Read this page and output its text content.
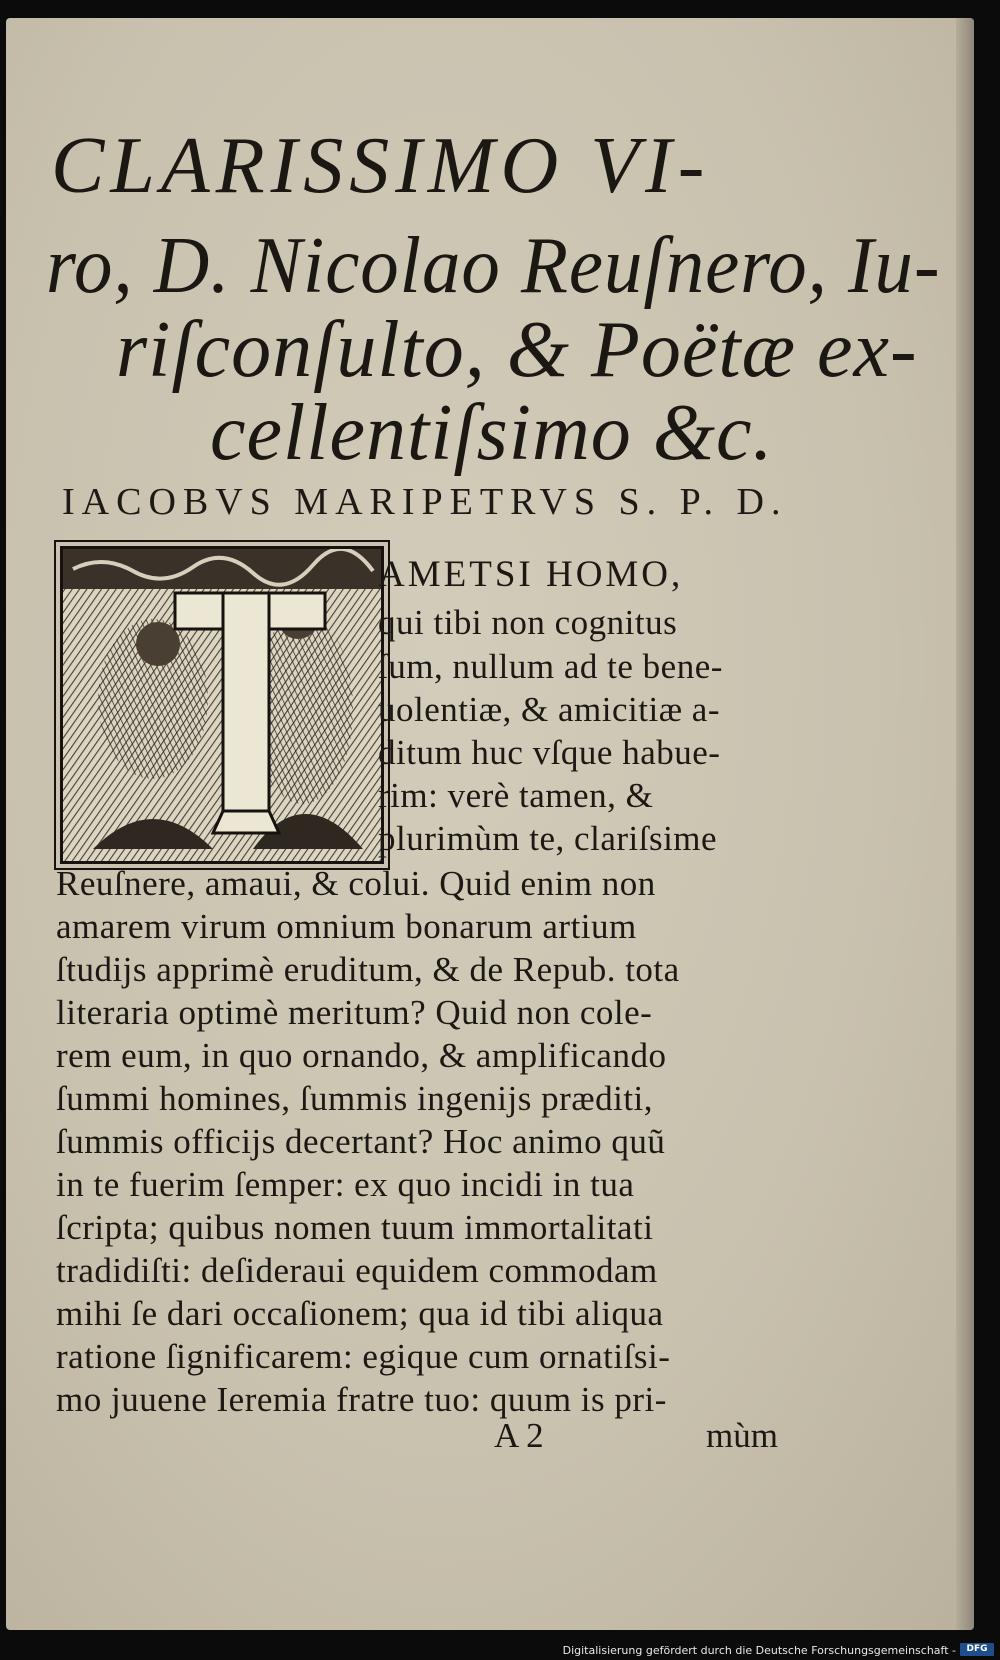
CLARISSIMO VI-
ro, D. Nicolao Reuſnero, Iu-
riſconſulto, & Poëtæ ex-
cellentiſsimo &c.
IACOBVS MARIPETRVS S. P. D.
AMETSI HOMO,
qui tibi non cognitus
ſum, nullum ad te bene-
uolentiæ, & amicitiæ a-
ditum huc vſque habue-
rim: verè tamen, &
plurimùm te, clariſsime
Reuſnere, amaui, & colui. Quid enim non
amarem virum omnium bonarum artium
ſtudijs apprimè eruditum, & de Repub. tota
literaria optimè meritum? Quid non cole-
rem eum, in quo ornando, & amplificando
ſummi homines, ſummis ingenijs præditi,
ſummis officijs decertant? Hoc animo quũ
in te fuerim ſemper: ex quo incidi in tua
ſcripta; quibus nomen tuum immortalitati
tradidiſti: deſideraui equidem commodam
mihi ſe dari occaſionem; qua id tibi aliqua
ratione ſignificarem: egique cum ornatiſsi-
mo juuene Ieremia fratre tuo: quum is pri-
A 2	mùm
Digitalisierung gefördert durch die Deutsche Forschungsgemeinschaft -	DFG
